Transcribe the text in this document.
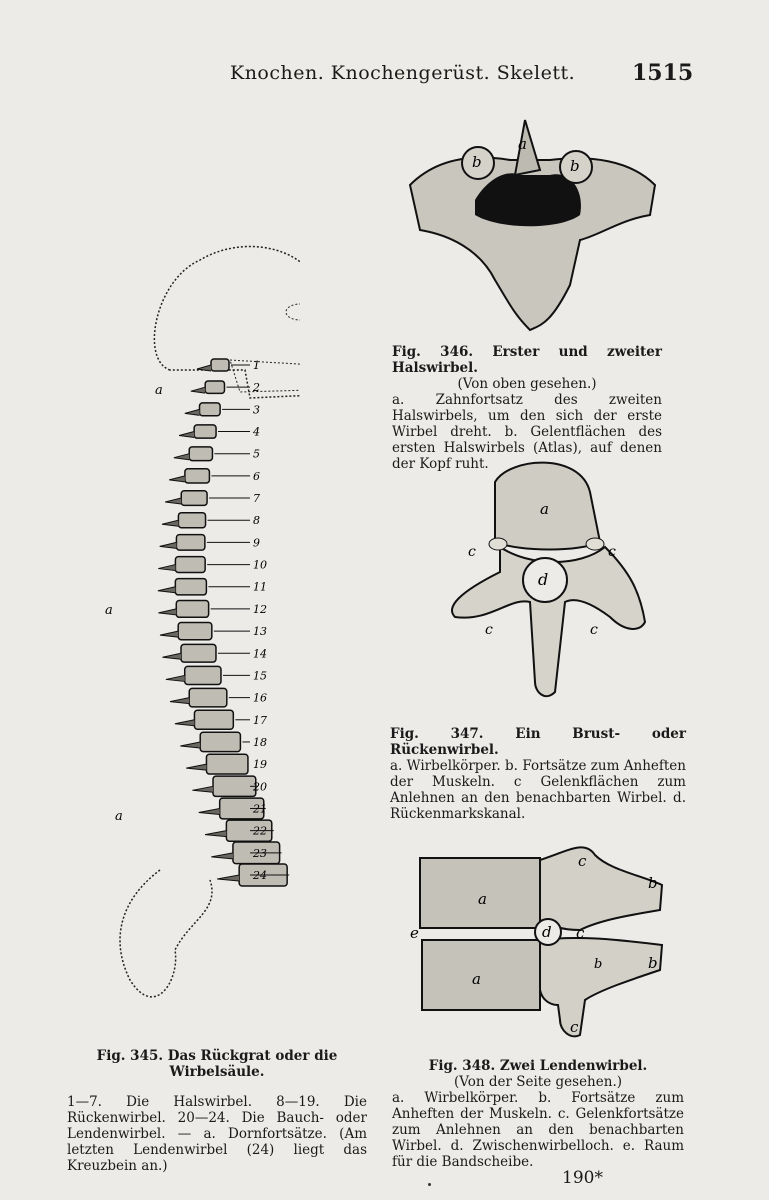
Knochen. Knochengerüst. Skelett.	1515
1
2
3
4
5
6
7
8
9
10
11
12
13
14
15
16
17
18
19
20
21
22
23
24
a
a
a
a
b	b
Fig. 346. Erster und zweiter Halswirbel.
(Von oben gesehen.)
a. Zahnfortsatz des zweiten Halswirbels, um den sich der erste Wirbel dreht. b. Gelentflächen des ersten Halswirbels (Atlas), auf denen der Kopf ruht.
a
d
c	c
c	c
Fig. 347. Ein Brust- oder Rückenwirbel.
a. Wirbelkörper. b. Fortsätze zum Anheften der Muskeln. c Gelenkflächen zum Anlehnen an den benachbarten Wirbel. d. Rückenmarkskanal.
a
a
b
b
b
c
c
c
d
e
Fig. 348. Zwei Lendenwirbel.
(Von der Seite gesehen.)
a. Wirbelkörper. b. Fortsätze zum Anheften der Muskeln. c. Gelenkfortsätze zum Anlehnen an den benachbarten Wirbel. d. Zwischenwirbelloch. e. Raum für die Bandscheibe.
Fig. 345. Das Rückgrat oder die Wirbelsäule.
1—7. Die Halswirbel. 8—19. Die Rückenwirbel. 20—24. Die Bauch- oder Lendenwirbel. — a. Dornfortsätze. (Am letzten Lendenwirbel (24) liegt das Kreuzbein an.)
190*
